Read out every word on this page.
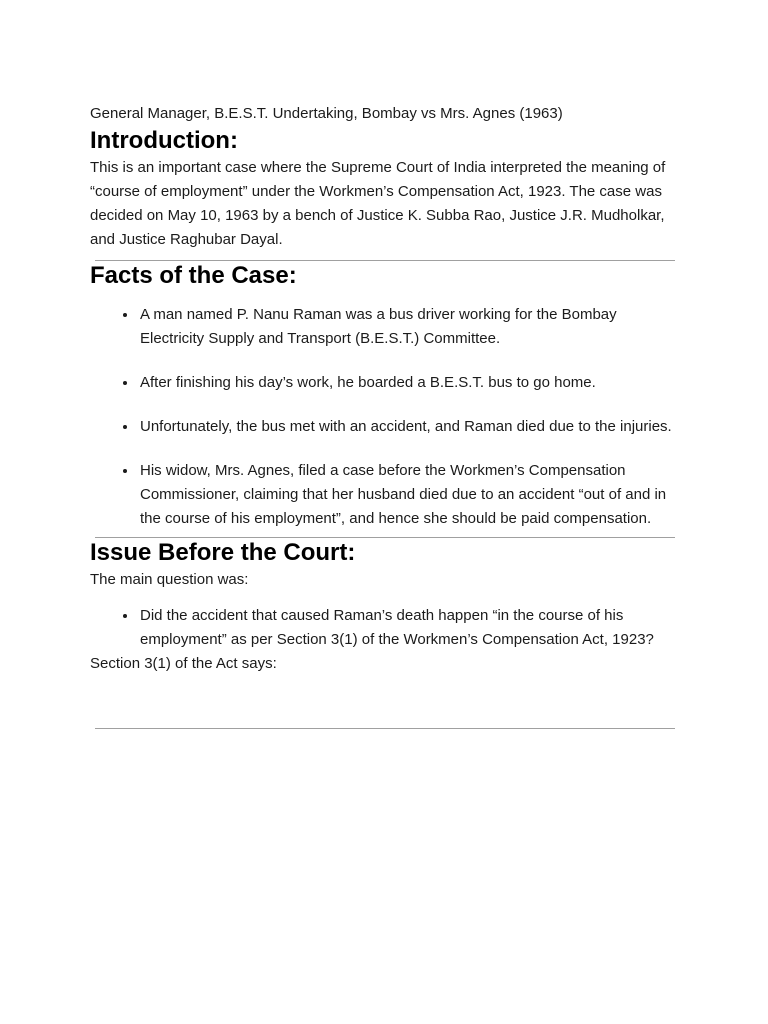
General Manager, B.E.S.T. Undertaking, Bombay vs Mrs. Agnes (1963)

Introduction:

This is an important case where the Supreme Court of India interpreted the meaning of “course of employment” under the Workmen’s Compensation Act, 1923. The case was decided on May 10, 1963 by a bench of Justice K. Subba Rao, Justice J.R. Mudholkar, and Justice Raghubar Dayal.

Facts of the Case:
• A man named P. Nanu Raman was a bus driver working for the Bombay Electricity Supply and Transport (B.E.S.T.) Committee.
• After finishing his day’s work, he boarded a B.E.S.T. bus to go home.
• Unfortunately, the bus met with an accident, and Raman died due to the injuries.
• His widow, Mrs. Agnes, filed a case before the Workmen’s Compensation Commissioner, claiming that her husband died due to an accident “out of and in the course of his employment”, and hence she should be paid compensation.
Issue Before the Court:

The main question was:

• Did the accident that caused Raman’s death happen “in the course of his employment” as per Section 3(1) of the Workmen’s Compensation Act, 1923?

Section 3(1) of the Act says:
